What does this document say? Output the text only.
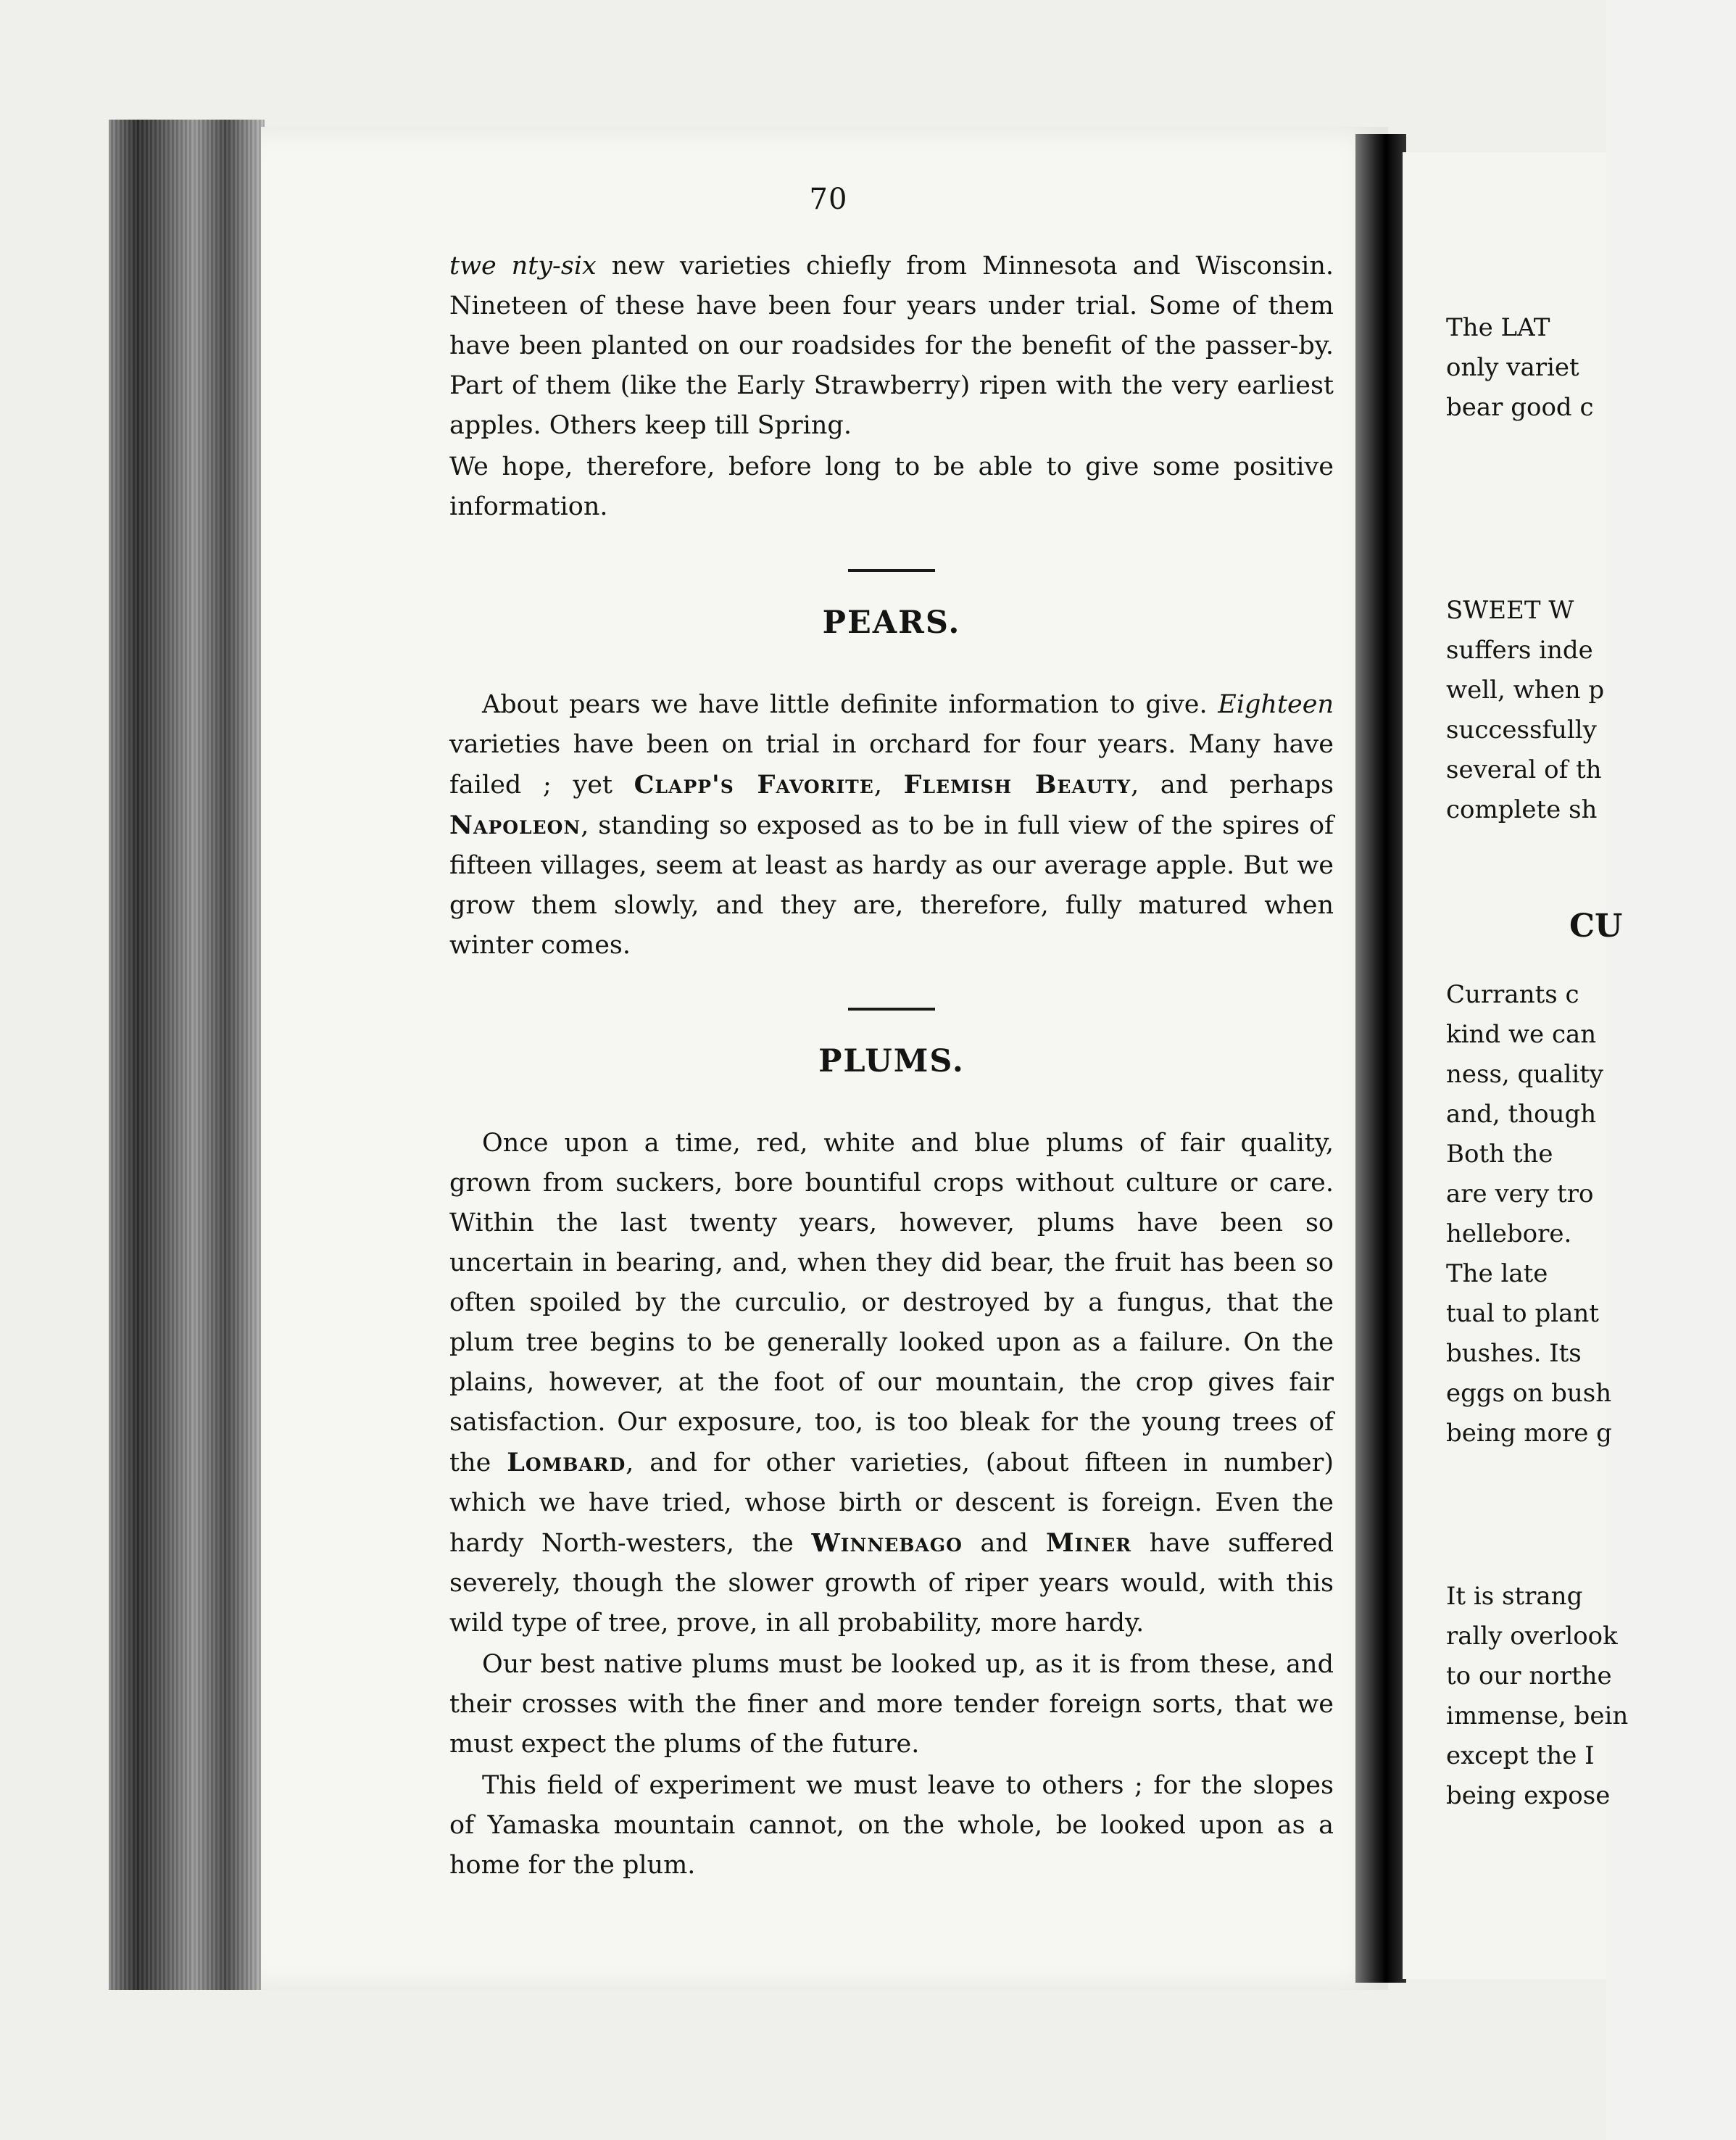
The LAT
only variet
bear good c
SWEET W
suffers inde
well, when p
successfully
several of th
complete sh
CU
Currants c
kind we can
ness, quality
and, though
Both the
are very tro
hellebore.
The late
tual to plant
bushes. Its
eggs on bush
being more g
It is strang
rally overlook
to our northe
immense, bein
except the I
being expose
70

twe nty-six new varieties chiefly from Minnesota and Wisconsin. Nineteen of these have been four years under trial. Some of them have been planted on our roadsides for the benefit of the passer-by. Part of them (like the Early Strawberry) ripen with the very earliest apples. Others keep till Spring.

We hope, therefore, before long to be able to give some positive information.

PEARS.

About pears we have little definite information to give. Eighteen varieties have been on trial in orchard for four years. Many have failed ; yet Clapp's Favorite, Flemish Beauty, and perhaps Napoleon, standing so exposed as to be in full view of the spires of fifteen villages, seem at least as hardy as our average apple. But we grow them slowly, and they are, therefore, fully matured when winter comes.

PLUMS.

Once upon a time, red, white and blue plums of fair quality, grown from suckers, bore bountiful crops without culture or care. Within the last twenty years, however, plums have been so uncertain in bearing, and, when they did bear, the fruit has been so often spoiled by the curculio, or destroyed by a fungus, that the plum tree begins to be generally looked upon as a failure. On the plains, however, at the foot of our mountain, the crop gives fair satisfaction. Our exposure, too, is too bleak for the young trees of the Lombard, and for other varieties, (about fifteen in number) which we have tried, whose birth or descent is foreign. Even the hardy North-westers, the Winnebago and Miner have suffered severely, though the slower growth of riper years would, with this wild type of tree, prove, in all probability, more hardy.

Our best native plums must be looked up, as it is from these, and their crosses with the finer and more tender foreign sorts, that we must expect the plums of the future.

This field of experiment we must leave to others ; for the slopes of Yamaska mountain cannot, on the whole, be looked upon as a home for the plum.
